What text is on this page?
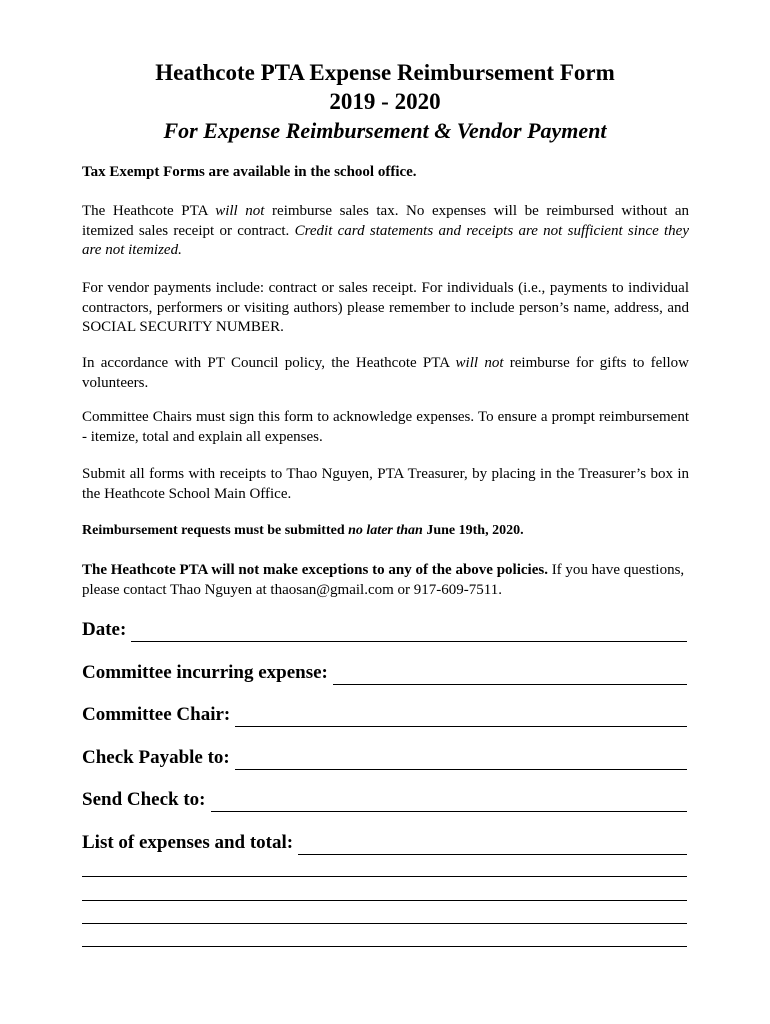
Heathcote PTA Expense Reimbursement Form
2019 - 2020
For Expense Reimbursement & Vendor Payment
Tax Exempt Forms are available in the school office.
The Heathcote PTA will not reimburse sales tax. No expenses will be reimbursed without an itemized sales receipt or contract. Credit card statements and receipts are not sufficient since they are not itemized.
For vendor payments include: contract or sales receipt. For individuals (i.e., payments to individual contractors, performers or visiting authors) please remember to include person’s name, address, and SOCIAL SECURITY NUMBER.
In accordance with PT Council policy, the Heathcote PTA will not reimburse for gifts to fellow volunteers.
Committee Chairs must sign this form to acknowledge expenses. To ensure a prompt reimbursement - itemize, total and explain all expenses.
Submit all forms with receipts to Thao Nguyen, PTA Treasurer, by placing in the Treasurer’s box in the Heathcote School Main Office.
Reimbursement requests must be submitted no later than June 19th, 2020.
The Heathcote PTA will not make exceptions to any of the above policies. If you have questions, please contact Thao Nguyen at thaosan@gmail.com or 917-609-7511.
Date:
Committee incurring expense:
Committee Chair:
Check Payable to:
Send Check to:
List of expenses and total:
